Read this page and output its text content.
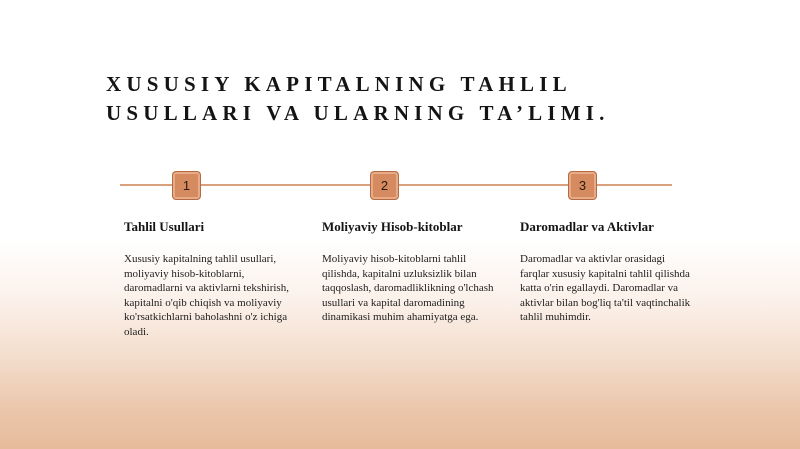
XUSUSIY KAPITALNING TAHLIL
USULLARI VA ULARNING TA’LIMI.
1	2	3
Tahlil Usullari

Xususiy kapitalning tahlil usullari, moliyaviy hisob-kitoblarni, daromadlarni va aktivlarni tekshirish, kapitalni o'qib chiqish va moliyaviy ko'rsatkichlarni baholashni o'z ichiga oladi.

Moliyaviy Hisob-kitoblar

Moliyaviy hisob-kitoblarni tahlil qilishda, kapitalni uzluksizlik bilan taqqoslash, daromadliklikning o'lchash usullari va kapital daromadining dinamikasi muhim ahamiyatga ega.

Daromadlar va Aktivlar

Daromadlar va aktivlar orasidagi farqlar xususiy kapitalni tahlil qilishda katta o'rin egallaydi. Daromadlar va aktivlar bilan bog'liq ta'til vaqtinchalik tahlil muhimdir.
